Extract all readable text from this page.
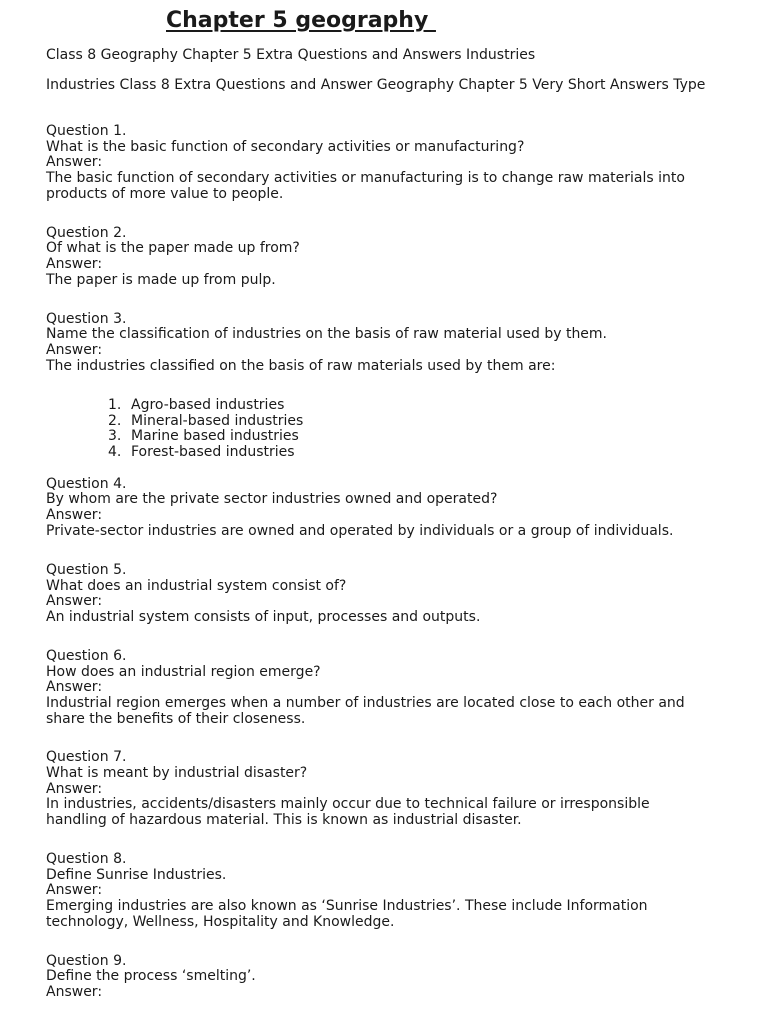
Chapter 5 geography

Class 8 Geography Chapter 5 Extra Questions and Answers Industries

Industries Class 8 Extra Questions and Answer Geography Chapter 5 Very Short Answers Type

Question 1.

What is the basic function of secondary activities or manufacturing?

Answer:

The basic function of secondary activities or manufacturing is to change raw materials into products of more value to people.

Question 2.

Of what is the paper made up from?

Answer:

The paper is made up from pulp.

Question 3.

Name the classification of industries on the basis of raw material used by them.

Answer:

The industries classified on the basis of raw materials used by them are:

1. Agro-based industries
2. Mineral-based industries
3. Marine based industries
4. Forest-based industries

Question 4.

By whom are the private sector industries owned and operated?

Answer:

Private-sector industries are owned and operated by individuals or a group of individuals.

Question 5.

What does an industrial system consist of?

Answer:

An industrial system consists of input, processes and outputs.

Question 6.

How does an industrial region emerge?

Answer:

Industrial region emerges when a number of industries are located close to each other and share the benefits of their closeness.

Question 7.

What is meant by industrial disaster?

Answer:

In industries, accidents/disasters mainly occur due to technical failure or irresponsible handling of hazardous material. This is known as industrial disaster.

Question 8.

Define Sunrise Industries.

Answer:

Emerging industries are also known as ‘Sunrise Industries’. These include Information technology, Wellness, Hospitality and Knowledge.

Question 9.

Define the process ‘smelting’.

Answer:
